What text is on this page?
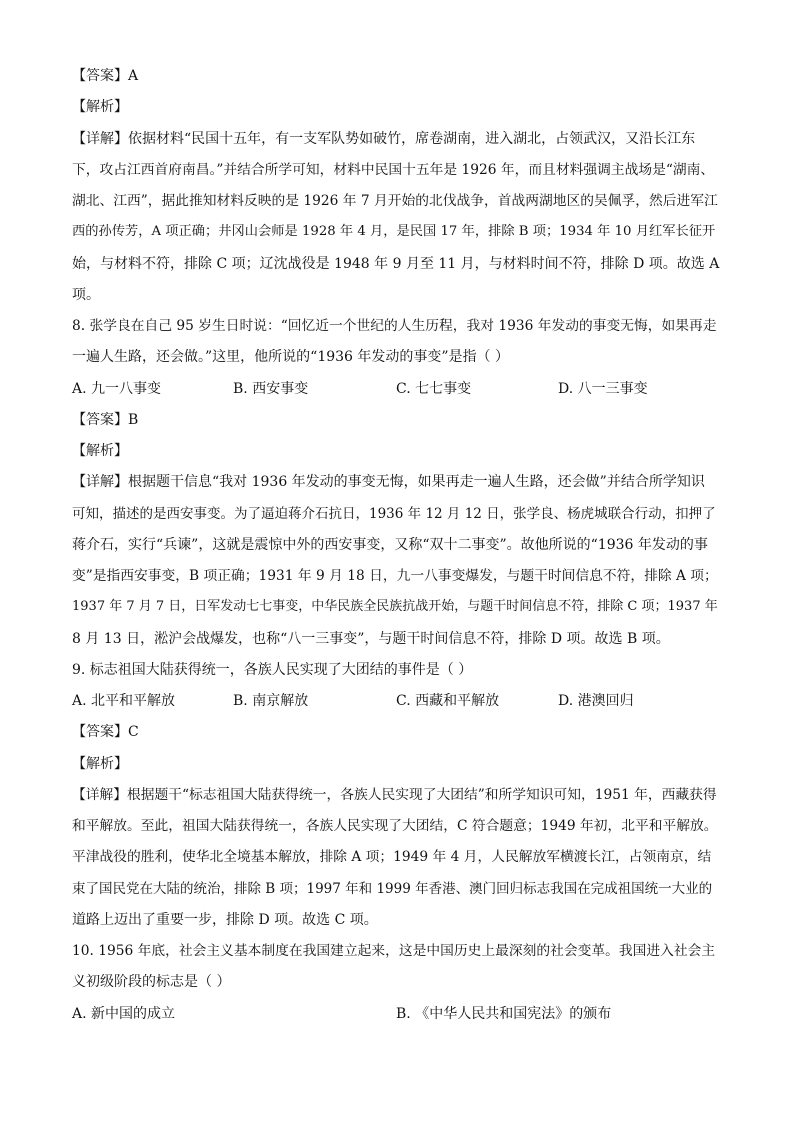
【答案】A
【解析】
【详解】依据材料“民国十五年，有一支军队势如破竹，席卷湖南，进入湖北，占领武汉，又沿长江东
下，攻占江西首府南昌。”并结合所学可知，材料中民国十五年是 1926 年，而且材料强调主战场是“湖南、
湖北、江西”，据此推知材料反映的是 1926 年 7 月开始的北伐战争，首战两湖地区的吴佩孚，然后进军江
西的孙传芳，A 项正确；井冈山会师是 1928 年 4 月，是民国 17 年，排除 B 项；1934 年 10 月红军长征开
始，与材料不符，排除 C 项；辽沈战役是 1948 年 9 月至 11 月，与材料时间不符，排除 D 项。故选 A
项。
8. 张学良在自己 95 岁生日时说：“回忆近一个世纪的人生历程，我对 1936 年发动的事变无悔，如果再走
一遍人生路，还会做。”这里，他所说的“1936 年发动的事变”是指（ ）
A. 九一八事变	B. 西安事变	C. 七七事变	D. 八一三事变
【答案】B
【解析】
【详解】根据题干信息“我对 1936 年发动的事变无悔，如果再走一遍人生路，还会做”并结合所学知识
可知，描述的是西安事变。为了逼迫蒋介石抗日，1936 年 12 月 12 日，张学良、杨虎城联合行动，扣押了
蒋介石，实行“兵谏”，这就是震惊中外的西安事变，又称“双十二事变”。故他所说的“1936 年发动的事
变”是指西安事变，B 项正确；1931 年 9 月 18 日，九一八事变爆发，与题干时间信息不符，排除 A 项；
1937 年 7 月 7 日，日军发动七七事变，中华民族全民族抗战开始，与题干时间信息不符，排除 C 项；1937 年
8 月 13 日，淞沪会战爆发，也称“八一三事变”，与题干时间信息不符，排除 D 项。故选 B 项。
9. 标志祖国大陆获得统一，各族人民实现了大团结的事件是（ ）
A. 北平和平解放	B. 南京解放	C. 西藏和平解放	D. 港澳回归
【答案】C
【解析】
【详解】根据题干“标志祖国大陆获得统一，各族人民实现了大团结”和所学知识可知，1951 年，西藏获得
和平解放。至此，祖国大陆获得统一，各族人民实现了大团结，C 符合题意；1949 年初，北平和平解放。
平津战役的胜利，使华北全境基本解放，排除 A 项；1949 年 4 月，人民解放军横渡长江，占领南京，结
束了国民党在大陆的统治，排除 B 项；1997 年和 1999 年香港、澳门回归标志我国在完成祖国统一大业的
道路上迈出了重要一步，排除 D 项。故选 C 项。
10. 1956 年底，社会主义基本制度在我国建立起来，这是中国历史上最深刻的社会变革。我国进入社会主
义初级阶段的标志是（ ）
A. 新中国的成立	B. 《中华人民共和国宪法》的颁布
